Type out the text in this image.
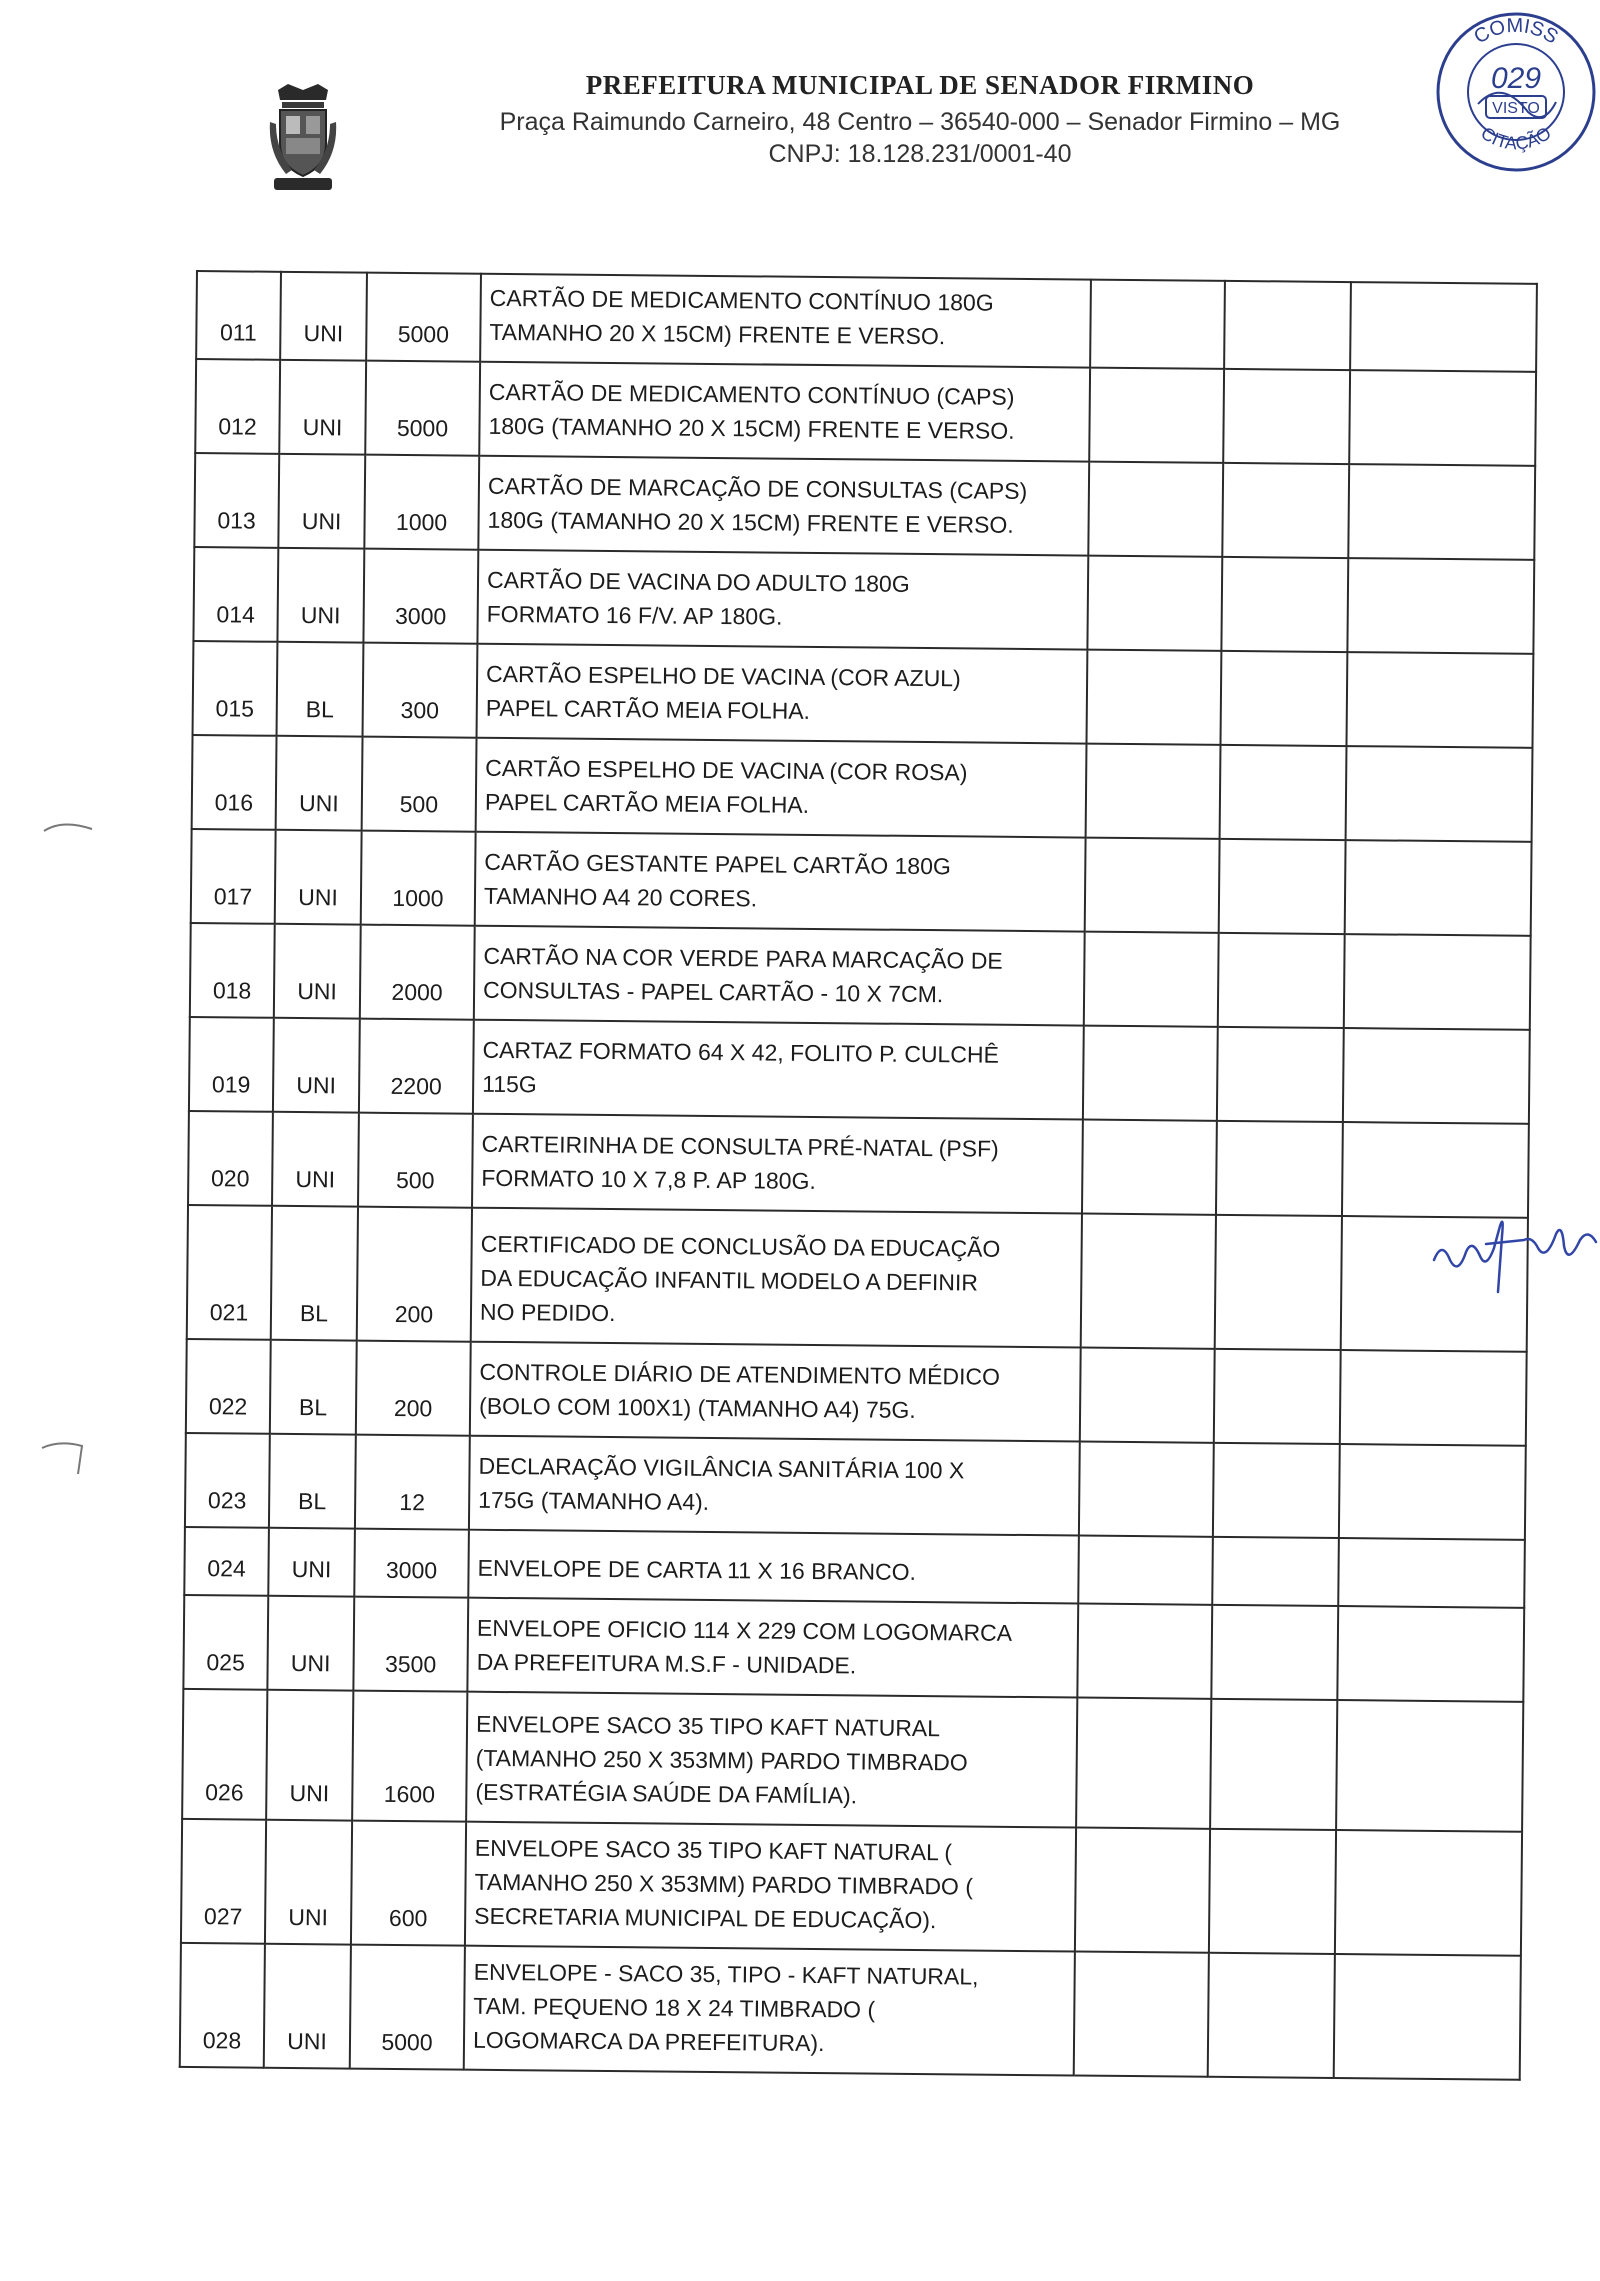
PREFEITURA MUNICIPAL DE SENADOR FIRMINO
Praça Raimundo Carneiro, 48 Centro – 36540-000 – Senador Firmino – MG
CNPJ: 18.128.231/0001-40
COMISS
CITAÇÃO
029
VISTO
011	UNI	5000	CARTÃO DE MEDICAMENTO CONTÍNUO 180G
TAMANHO 20 X 15CM) FRENTE E VERSO.			

012	UNI	5000	CARTÃO DE MEDICAMENTO CONTÍNUO (CAPS)
180G (TAMANHO 20 X 15CM) FRENTE E VERSO.			

013	UNI	1000	CARTÃO DE MARCAÇÃO DE CONSULTAS (CAPS)
180G (TAMANHO 20 X 15CM) FRENTE E VERSO.			

014	UNI	3000	CARTÃO DE VACINA DO ADULTO 180G
FORMATO 16 F/V. AP 180G.			

015	BL	300	CARTÃO ESPELHO DE VACINA (COR AZUL)
PAPEL CARTÃO MEIA FOLHA.			

016	UNI	500	CARTÃO ESPELHO DE VACINA (COR ROSA)
PAPEL CARTÃO MEIA FOLHA.			

017	UNI	1000	CARTÃO GESTANTE PAPEL CARTÃO 180G
TAMANHO A4 20 CORES.			

018	UNI	2000	CARTÃO NA COR VERDE PARA MARCAÇÃO DE
CONSULTAS - PAPEL CARTÃO - 10 X 7CM.			

019	UNI	2200	CARTAZ FORMATO 64 X 42, FOLITO P. CULCHÊ
115G			

020	UNI	500	CARTEIRINHA DE CONSULTA PRÉ-NATAL (PSF)
FORMATO 10 X 7,8 P. AP 180G.			

021	BL	200	CERTIFICADO DE CONCLUSÃO DA EDUCAÇÃO
DA EDUCAÇÃO INFANTIL MODELO A DEFINIR
NO PEDIDO.			

022	BL	200	CONTROLE DIÁRIO DE ATENDIMENTO MÉDICO
(BOLO COM 100X1) (TAMANHO A4) 75G.			

023	BL	12	DECLARAÇÃO VIGILÂNCIA SANITÁRIA 100 X
175G (TAMANHO A4).			

024	UNI	3000	ENVELOPE DE CARTA 11 X 16 BRANCO.			

025	UNI	3500	ENVELOPE OFICIO 114 X 229 COM LOGOMARCA
DA PREFEITURA M.S.F - UNIDADE.			

026	UNI	1600	ENVELOPE SACO 35 TIPO KAFT NATURAL
(TAMANHO 250 X 353MM) PARDO TIMBRADO
(ESTRATÉGIA SAÚDE DA FAMÍLIA).			

027	UNI	600	ENVELOPE SACO 35 TIPO KAFT NATURAL (
TAMANHO 250 X 353MM) PARDO TIMBRADO (
SECRETARIA MUNICIPAL DE EDUCAÇÃO).			

028	UNI	5000	ENVELOPE - SACO 35, TIPO - KAFT NATURAL,
TAM. PEQUENO 18 X 24 TIMBRADO (
LOGOMARCA DA PREFEITURA).			
